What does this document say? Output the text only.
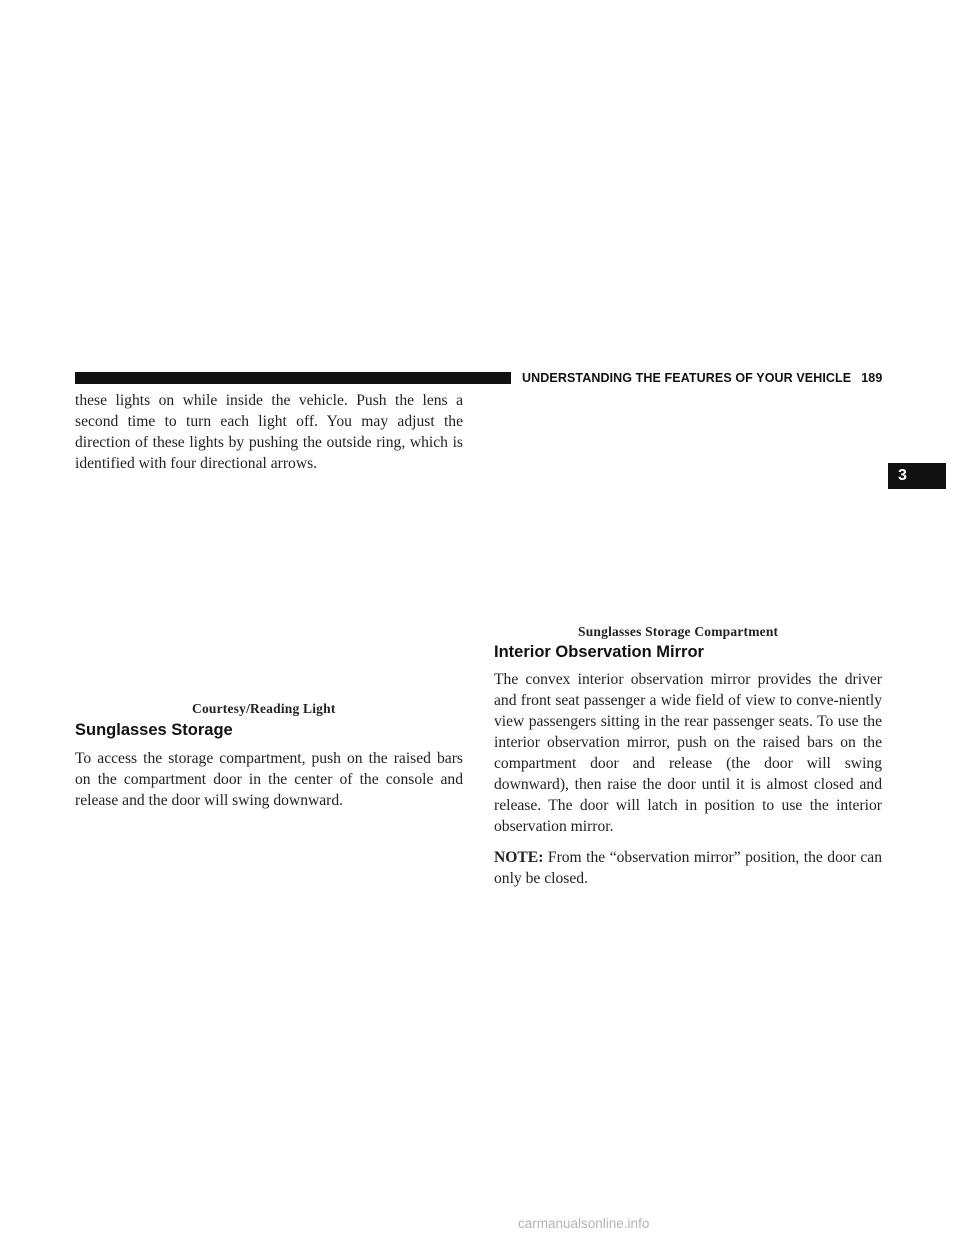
UNDERSTANDING THE FEATURES OF YOUR VEHICLE 189
3

these lights on while inside the vehicle. Push the lens a second time to turn each light off. You may adjust the direction of these lights by pushing the outside ring, which is identified with four directional arrows.

Courtesy/Reading Light
Sunglasses Storage

To access the storage compartment, push on the raised bars on the compartment door in the center of the console and release and the door will swing downward.

Sunglasses Storage Compartment
Interior Observation Mirror

The convex interior observation mirror provides the driver and front seat passenger a wide field of view to conve-niently view passengers sitting in the rear passenger seats. To use the interior observation mirror, push on the raised bars on the compartment door and release (the door will swing downward), then raise the door until it is almost closed and release. The door will latch in position to use the interior observation mirror.

NOTE: From the “observation mirror” position, the door can only be closed.

carmanualsonline.info
